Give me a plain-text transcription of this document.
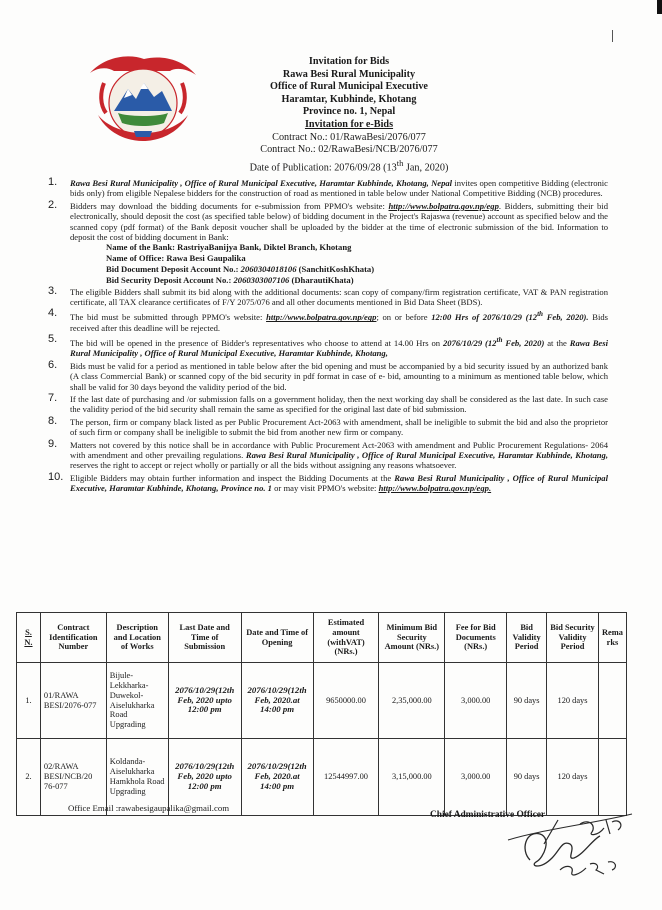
Invitation for Bids
Rawa Besi Rural Municipality
Office of Rural Municipal Executive
Haramtar, Kubhinde, Khotang
Province no. 1, Nepal
Invitation for e-Bids
Contract No.: 01/RawaBesi/2076/077
Contract No.: 02/RawaBesi/NCB/2076/077
Date of Publication: 2076/09/28 (13th Jan, 2020)
1. Rawa Besi Rural Municipality , Office of Rural Municipal Executive, Haramtar Kubhinde, Khotang, Nepal invites open competitive Bidding (electronic bids only) from eligible Nepalese bidders for the construction of road as mentioned in table below under National Competitive Bidding (NCB) procedures.
2. Bidders may download the bidding documents for e-submission from PPMO's website: http://www.bolpatra.gov.np/egp. Bidders, submitting their bid electronically, should deposit the cost (as specified table below) of bidding document in the Project's Rajaswa (revenue) account as specified below and the scanned copy (pdf format) of the Bank deposit voucher shall be uploaded by the bidder at the time of electronic submission of the bid. Information to deposit the cost of bidding document in Bank:
Name of the Bank: RastriyaBanijya Bank, Diktel Branch, Khotang
Name of Office: Rawa Besi Gaupalika
Bid Document Deposit Account No.: 2060304018106 (SanchitKoshKhata)
Bid Security Deposit Account No.: 2060303007106 (DharautiKhata)
3. The eligible Bidders shall submit its bid along with the additional documents: scan copy of company/firm registration certificate, VAT & PAN registration certificate, all TAX clearance certificates of F/Y 2075/076 and all other documents mentioned in Bid Data Sheet (BDS).
4. The bid must be submitted through PPMO's website: http://www.bolpatra.gov.np/egp; on or before 12:00 Hrs of 2076/10/29 (12th Feb, 2020). Bids received after this deadline will be rejected.
5. The bid will be opened in the presence of Bidder's representatives who choose to attend at 14.00 Hrs on 2076/10/29 (12th Feb, 2020) at the Rawa Besi Rural Municipality , Office of Rural Municipal Executive, Haramtar Kubhinde, Khotang,
6. Bids must be valid for a period as mentioned in table below after the bid opening and must be accompanied by a bid security issued by an authorized bank (A class Commercial Bank) or scanned copy of the bid security in pdf format in case of e- bid, amounting to a minimum as mentioned table below, which shall be valid for 30 days beyond the validity period of the bid.
7. If the last date of purchasing and /or submission falls on a government holiday, then the next working day shall be considered as the last date. In such case the validity period of the bid security shall remain the same as specified for the original last date of bid submission.
8. The person, firm or company black listed as per Public Procurement Act-2063 with amendment, shall be ineligible to submit the bid and also the proprietor of such firm or company shall be ineligible to submit the bid from another new firm or company.
9. Matters not covered by this notice shall be in accordance with Public Procurement Act-2063 with amendment and Public Procurement Regulations- 2064 with amendment and other prevailing regulations. Rawa Besi Rural Municipality , Office of Rural Municipal Executive, Haramtar Kubhinde, Khotang, reserves the right to accept or reject wholly or partially or all the bids without assigning any reasons whatsoever.
10. Eligible Bidders may obtain further information and inspect the Bidding Documents at the Rawa Besi Rural Municipality , Office of Rural Municipal Executive, Haramtar Kubhinde, Khotang, Province no. 1 or may visit PPMO's website: http://www.bolpatra.gov.np/egp.
S. N.	Contract Identification Number	Description and Location of Works	Last Date and Time of Submission	Date and Time of Opening	Estimated amount (withVAT) (NRs.)	Minimum Bid Security Amount (NRs.)	Fee for Bid Documents (NRs.)	Bid Validity Period	Bid Security Validity Period	Rema rks
1.	01/RAWA BESI/2076-077	Bijule-Lekkharka-Duwekol-Aiselukharka Road Upgrading	2076/10/29(12th Feb, 2020 upto 12:00 pm	2076/10/29(12th Feb, 2020.at 14:00 pm	9650000.00	2,35,000.00	3,000.00	90 days	120 days	
2.	02/RAWA BESI/NCB/20 76-077	Koldanda-Aiselukharka Hamkhola Road Upgrading	2076/10/29(12th Feb, 2020 upto 12:00 pm	2076/10/29(12th Feb, 2020.at 14:00 pm	12544997.00	3,15,000.00	3,000.00	90 days	120 days	
Office Email :rawabesigaupalika@gmail.com
Chief Administrative Officer
